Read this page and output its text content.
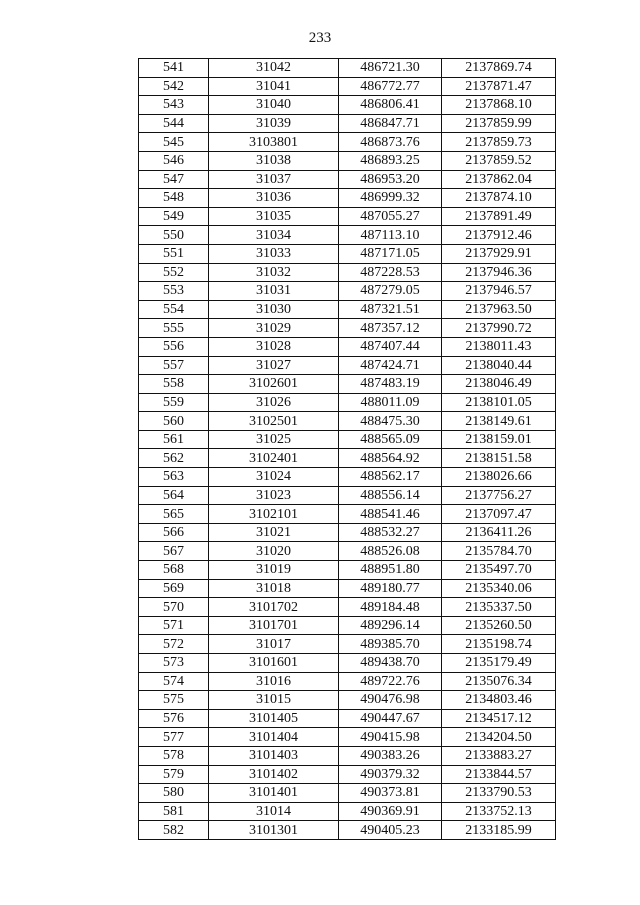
233
541	31042	486721.30	2137869.74
542	31041	486772.77	2137871.47
543	31040	486806.41	2137868.10
544	31039	486847.71	2137859.99
545	3103801	486873.76	2137859.73
546	31038	486893.25	2137859.52
547	31037	486953.20	2137862.04
548	31036	486999.32	2137874.10
549	31035	487055.27	2137891.49
550	31034	487113.10	2137912.46
551	31033	487171.05	2137929.91
552	31032	487228.53	2137946.36
553	31031	487279.05	2137946.57
554	31030	487321.51	2137963.50
555	31029	487357.12	2137990.72
556	31028	487407.44	2138011.43
557	31027	487424.71	2138040.44
558	3102601	487483.19	2138046.49
559	31026	488011.09	2138101.05
560	3102501	488475.30	2138149.61
561	31025	488565.09	2138159.01
562	3102401	488564.92	2138151.58
563	31024	488562.17	2138026.66
564	31023	488556.14	2137756.27
565	3102101	488541.46	2137097.47
566	31021	488532.27	2136411.26
567	31020	488526.08	2135784.70
568	31019	488951.80	2135497.70
569	31018	489180.77	2135340.06
570	3101702	489184.48	2135337.50
571	3101701	489296.14	2135260.50
572	31017	489385.70	2135198.74
573	3101601	489438.70	2135179.49
574	31016	489722.76	2135076.34
575	31015	490476.98	2134803.46
576	3101405	490447.67	2134517.12
577	3101404	490415.98	2134204.50
578	3101403	490383.26	2133883.27
579	3101402	490379.32	2133844.57
580	3101401	490373.81	2133790.53
581	31014	490369.91	2133752.13
582	3101301	490405.23	2133185.99
